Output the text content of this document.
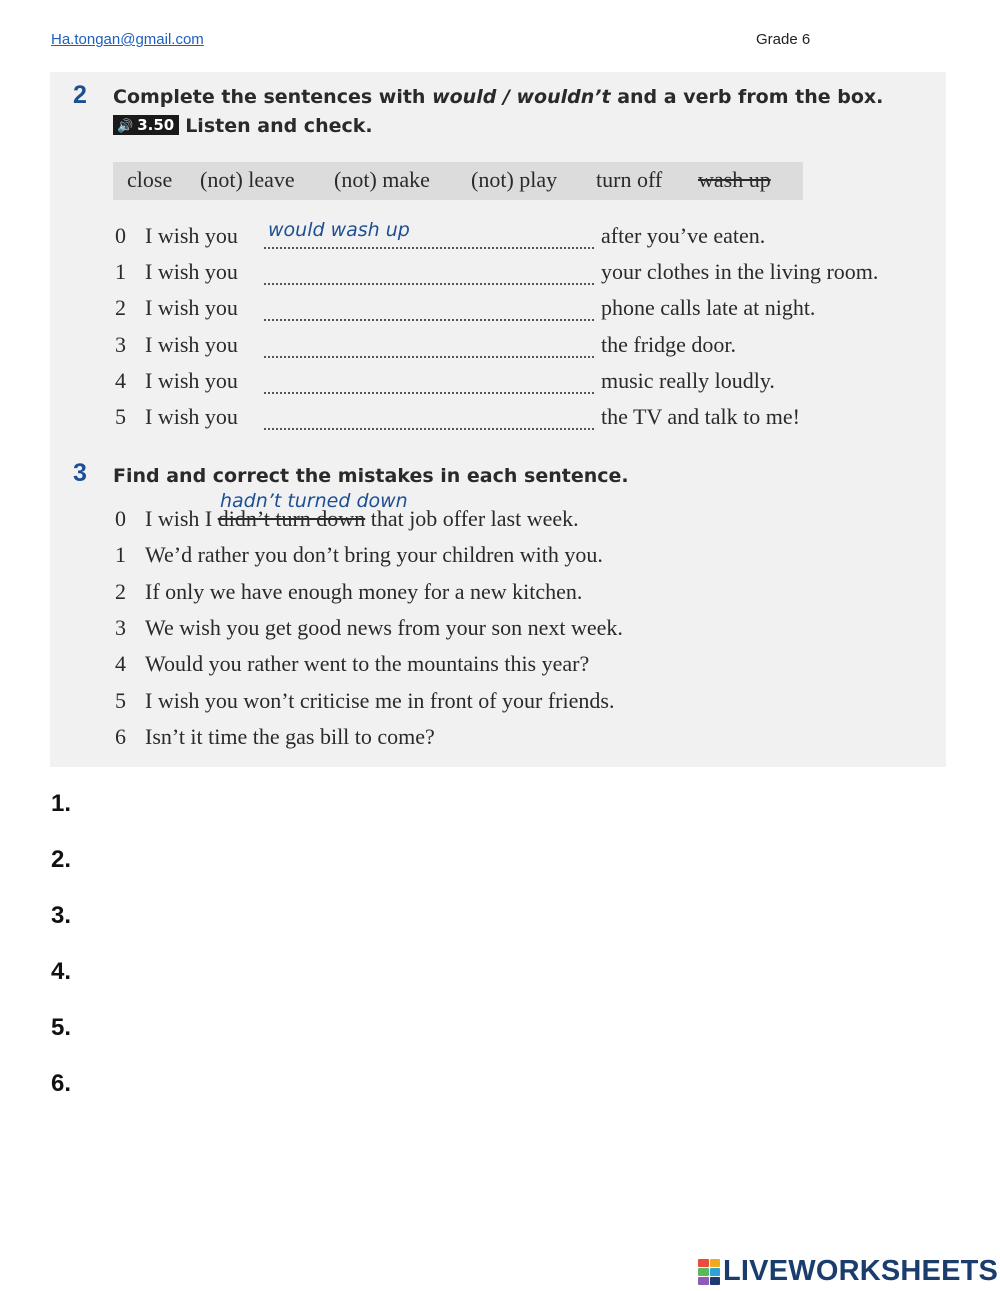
Ha.tongan@gmail.com	Grade 6
2 Complete the sentences with would / wouldn’t and a verb from the box.
🔊 3.50 Listen and check.
close (not) leave (not) make (not) play turn off wash up
0 I wish you would wash up	after you’ve eaten.
1 I wish you	your clothes in the living room.
2 I wish you	phone calls late at night.
3 I wish you	the fridge door.
4 I wish you	music really loudly.
5 I wish you	the TV and talk to me!
3 Find and correct the mistakes in each sentence.
hadn’t turned down
0 I wish I didn’t turn down that job offer last week.
1 We’d rather you don’t bring your children with you.
2 If only we have enough money for a new kitchen.
3 We wish you get good news from your son next week.
4 Would you rather went to the mountains this year?
5 I wish you won’t criticise me in front of your friends.
6 Isn’t it time the gas bill to come?
1.
2.
3.
4.
5.
6.
LIVEWORKSHEETS
